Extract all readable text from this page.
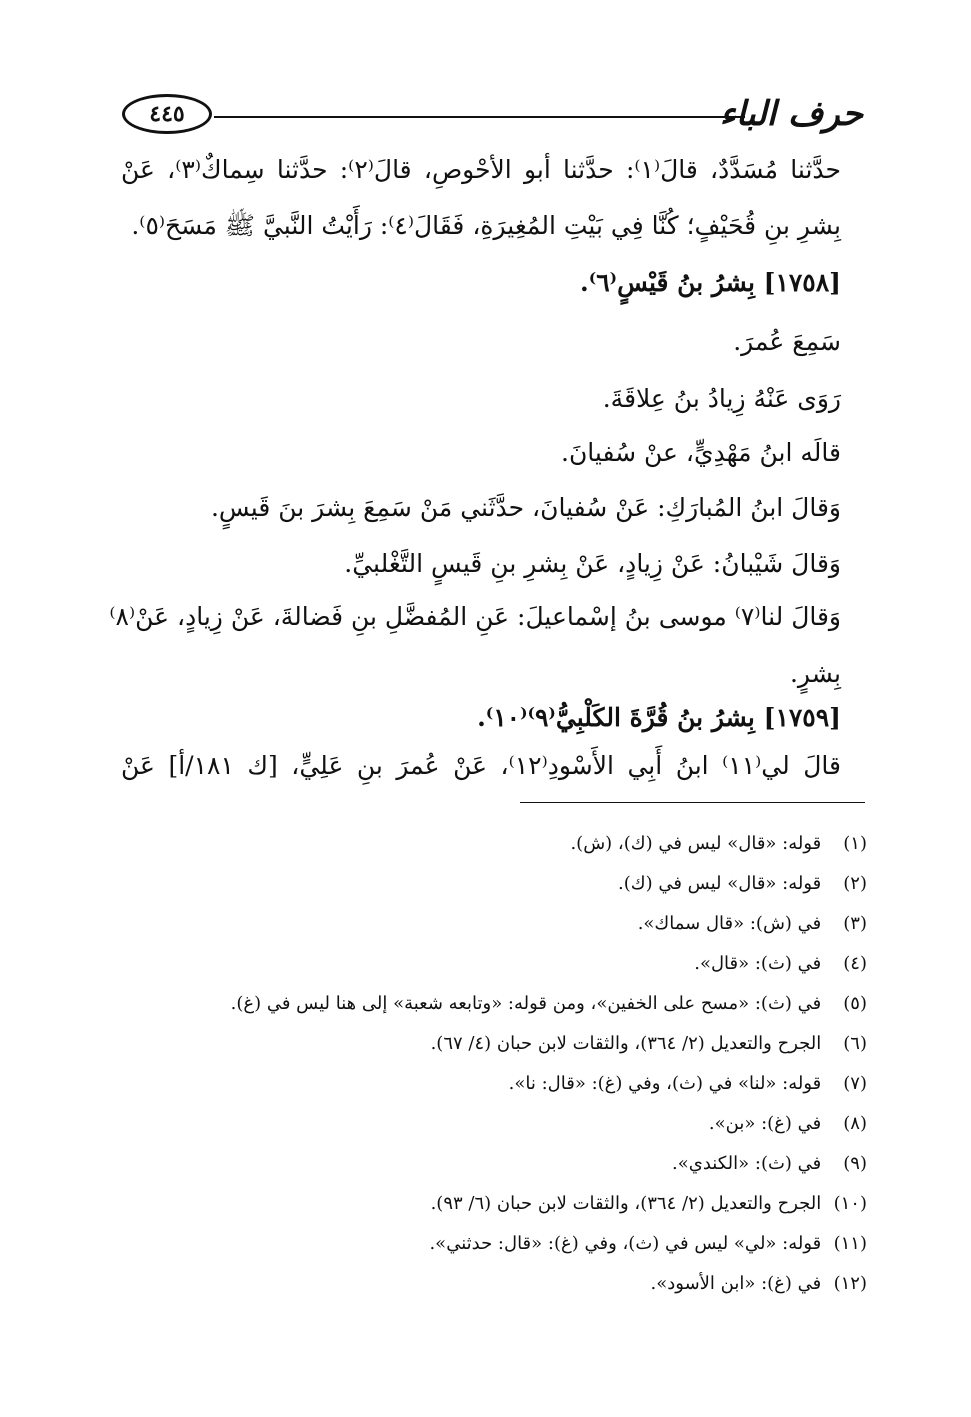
حرف الباء
٤٤٥
حدَّثنا مُسَدَّدٌ، قالَ⁽١⁾: حدَّثنا أبو الأحْوصِ، قالَ⁽٢⁾: حدَّثنا سِماكٌ⁽٣⁾، عَنْ
بِشرِ بنِ قُحَيْفٍ؛ كُنَّا فِي بَيْتِ المُغِيرَةِ، فَقَالَ⁽٤⁾: رَأَيْتُ النَّبيَّ ﷺ مَسَحَ⁽٥⁾.
[١٧٥٨] بِشرُ بنُ قَيْسٍ⁽٦⁾.
سَمِعَ عُمرَ.
رَوَى عَنْهُ زِيادُ بنُ عِلاقَةَ.
قالَه ابنُ مَهْدِيٍّ، عنْ سُفيانَ.
وَقالَ ابنُ المُبارَكِ: عَنْ سُفيانَ، حدَّثَني مَنْ سَمِعَ بِشرَ بنَ قَيسٍ.
وَقالَ شَيْبانُ: عَنْ زِيادٍ، عَنْ بِشرِ بنِ قَيسٍ التَّغْلبيِّ.
وَقالَ لنا⁽٧⁾ موسى بنُ إسْماعيلَ: عَنِ المُفضَّلِ بنِ فَضالةَ، عَنْ زِيادٍ، عَنْ⁽٨⁾
بِشرٍ.
[١٧٥٩] بِشرُ بنُ قُرَّةَ الكَلْبِيُّ⁽٩⁾⁽١٠⁾.
قالَ لي⁽١١⁾ ابنُ أَبِي الأَسْودِ⁽١٢⁾، عَنْ عُمرَ بنِ عَلِيٍّ، [ك ١٨١/أ] عَنْ
(١) قوله: «قال» ليس في (ك)، (ش).
(٢) قوله: «قال» ليس في (ك).
(٣) في (ش): «قال سماك».
(٤) في (ث): «قال».
(٥) في (ث): «مسح على الخفين»، ومن قوله: «وتابعه شعبة» إلى هنا ليس في (غ).
(٦) الجرح والتعديل (٢/ ٣٦٤)، والثقات لابن حبان (٤/ ٦٧).
(٧) قوله: «لنا» في (ث)، وفي (غ): «قال: نا».
(٨) في (غ): «بن».
(٩) في (ث): «الكندي».
(١٠) الجرح والتعديل (٢/ ٣٦٤)، والثقات لابن حبان (٦/ ٩٣).
(١١) قوله: «لي» ليس في (ث)، وفي (غ): «قال: حدثني».
(١٢) في (غ): «ابن الأسود».
